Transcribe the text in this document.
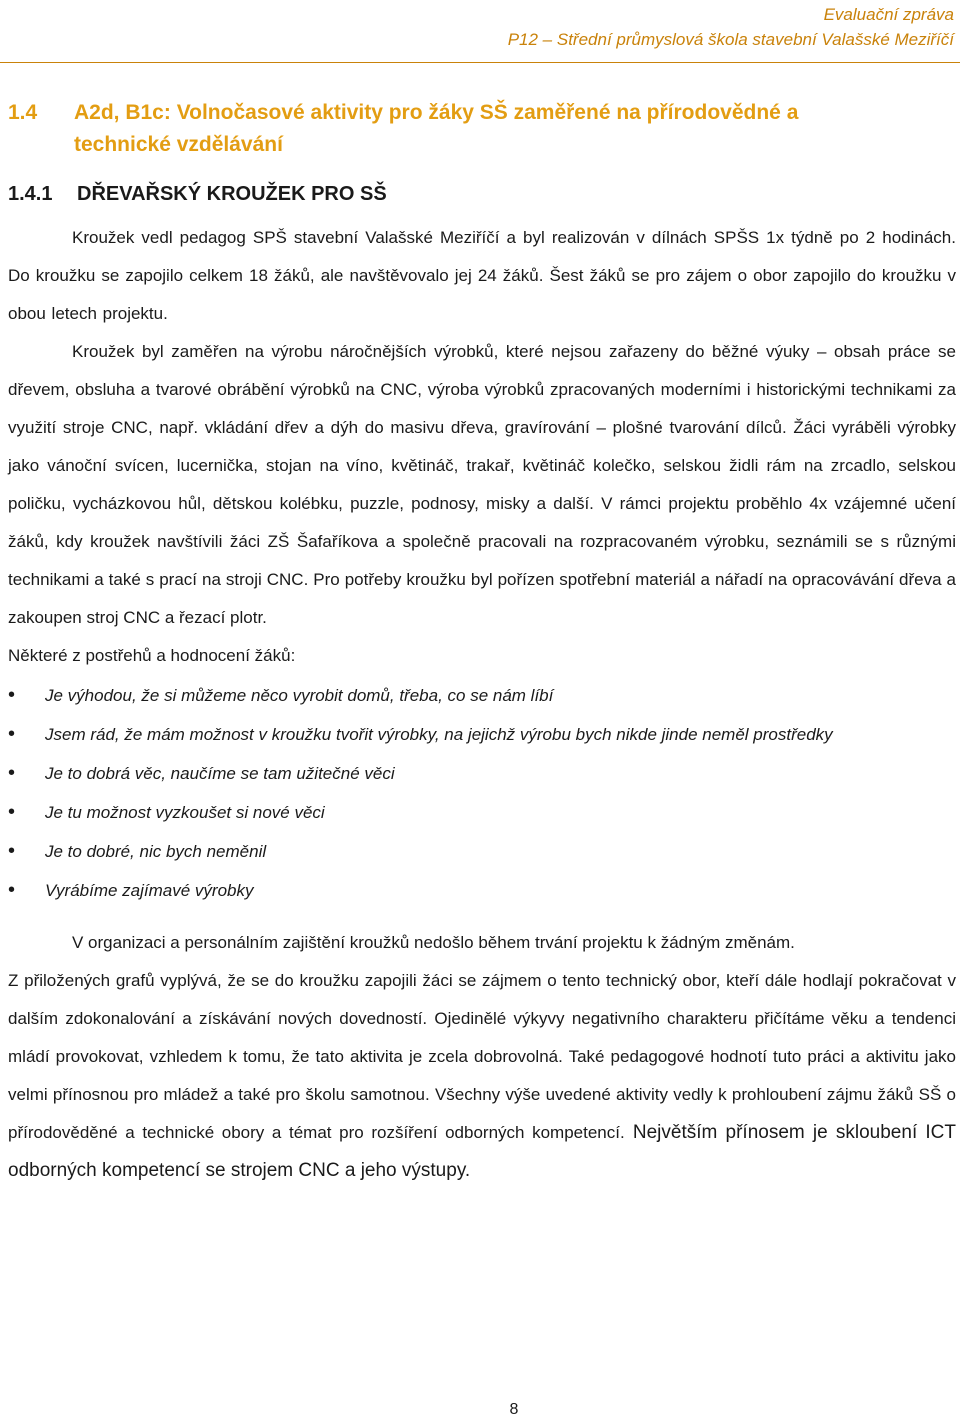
Evaluační zpráva
P12 – Střední průmyslová škola stavební Valašské Meziříčí
1.4 A2d, B1c: Volnočasové aktivity pro žáky SŠ zaměřené na přírodovědné a technické vzdělávání
1.4.1 DŘEVAŘSKÝ KROUŽEK PRO SŠ
Kroužek vedl pedagog SPŠ stavební Valašské Meziříčí a byl realizován v dílnách SPŠS 1x týdně po 2 hodinách. Do kroužku se zapojilo celkem 18 žáků, ale navštěvovalo jej 24 žáků. Šest žáků se pro zájem o obor zapojilo do kroužku v obou letech projektu.
Kroužek byl zaměřen na výrobu náročnějších výrobků, které nejsou zařazeny do běžné výuky – obsah práce se dřevem, obsluha a tvarové obrábění výrobků na CNC, výroba výrobků zpracovaných moderními i historickými technikami za využití stroje CNC, např. vkládání dřev a dýh do masivu dřeva, gravírování – plošné tvarování dílců. Žáci vyráběli výrobky jako vánoční svícen, lucernička, stojan na víno, květináč, trakař, květináč kolečko, selskou židli rám na zrcadlo, selskou poličku, vycházkovou hůl, dětskou kolébku, puzzle, podnosy, misky a další. V rámci projektu proběhlo 4x vzájemné učení žáků, kdy kroužek navštívili žáci ZŠ Šafaříkova a společně pracovali na rozpracovaném výrobku, seznámili se s různými technikami a také s prací na stroji CNC. Pro potřeby kroužku byl pořízen spotřební materiál a nářadí na opracovávání dřeva a zakoupen stroj CNC a řezací plotr.
Některé z postřehů a hodnocení žáků:
• Je výhodou, že si můžeme něco vyrobit domů, třeba, co se nám líbí
• Jsem rád, že mám možnost v kroužku tvořit výrobky, na jejichž výrobu bych nikde jinde neměl prostředky
• Je to dobrá věc, naučíme se tam užitečné věci
• Je tu možnost vyzkoušet si nové věci
• Je to dobré, nic bych neměnil
• Vyrábíme zajímavé výrobky
V organizaci a personálním zajištění kroužků nedošlo během trvání projektu k žádným změnám.
Z přiložených grafů vyplývá, že se do kroužku zapojili žáci se zájmem o tento technický obor, kteří dále hodlají pokračovat v dalším zdokonalování a získávání nových dovedností. Ojedinělé výkyvy negativního charakteru přičítáme věku a tendenci mládí provokovat, vzhledem k tomu, že tato aktivita je zcela dobrovolná. Také pedagogové hodnotí tuto práci a aktivitu jako velmi přínosnou pro mládež a také pro školu samotnou. Všechny výše uvedené aktivity vedly k prohloubení zájmu žáků SŠ o přírodověděné a technické obory a témat pro rozšíření odborných kompetencí. Největším přínosem je skloubení ICT odborných kompetencí se strojem CNC a jeho výstupy.
8
